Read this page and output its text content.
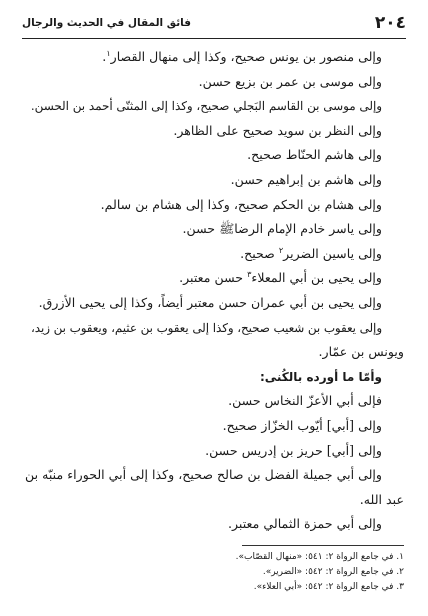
٢٠٤
فائق المقال في الحديث والرجال
وإلى منصور بن يونس صحيح، وكذا إلى منهال القصار$^١$.
وإلى موسى بن عمر بن بزيع حسن.
وإلى موسى بن القاسم البَجلي صحيح، وكذا إلى المثنّى أحمد بن الحسن.
وإلى النظر بن سويد صحيح على الظاهر.
وإلى هاشم الحنّاط صحيح.
وإلى هاشم بن إبراهيم حسن.
وإلى هشام بن الحكم صحيح، وكذا إلى هشام بن سالم.
وإلى ياسر خادم الإمام الرضاﷺ حسن.
وإلى ياسين الضرير$^٢$ صحيح.
وإلى يحيى بن أبي المعلاء$^٣$ حسن معتبر.
وإلى يحيى بن أبي عمران حسن معتبر أيضاً، وكذا إلى يحيى الأزرق.
وإلى يعقوب بن شعيب صحيح، وكذا إلى يعقوب بن عثيم، ويعقوب بن زيد،
ويونس بن عمّار.
وأمّا ما أورده بالكُنى:
فإلى أبي الأعزّ النخاس حسن.
وإلى [أبي] أيّوب الخزّاز صحيح.
وإلى [أبي] حريز بن إدريس حسن.
وإلى أبي جميلة الفضل بن صالح صحيح، وكذا إلى أبي الحوراء منبّه بن
عبد الله.
وإلى أبي حمزة الثمالي معتبر.
١. في جامع الرواة ٢: ٥٤١: «منهال القصّاب».
٢. في جامع الرواة ٢: ٥٤٢: «الضرير».
٣. في جامع الرواة ٢: ٥٤٢: «أبي العلاء».
